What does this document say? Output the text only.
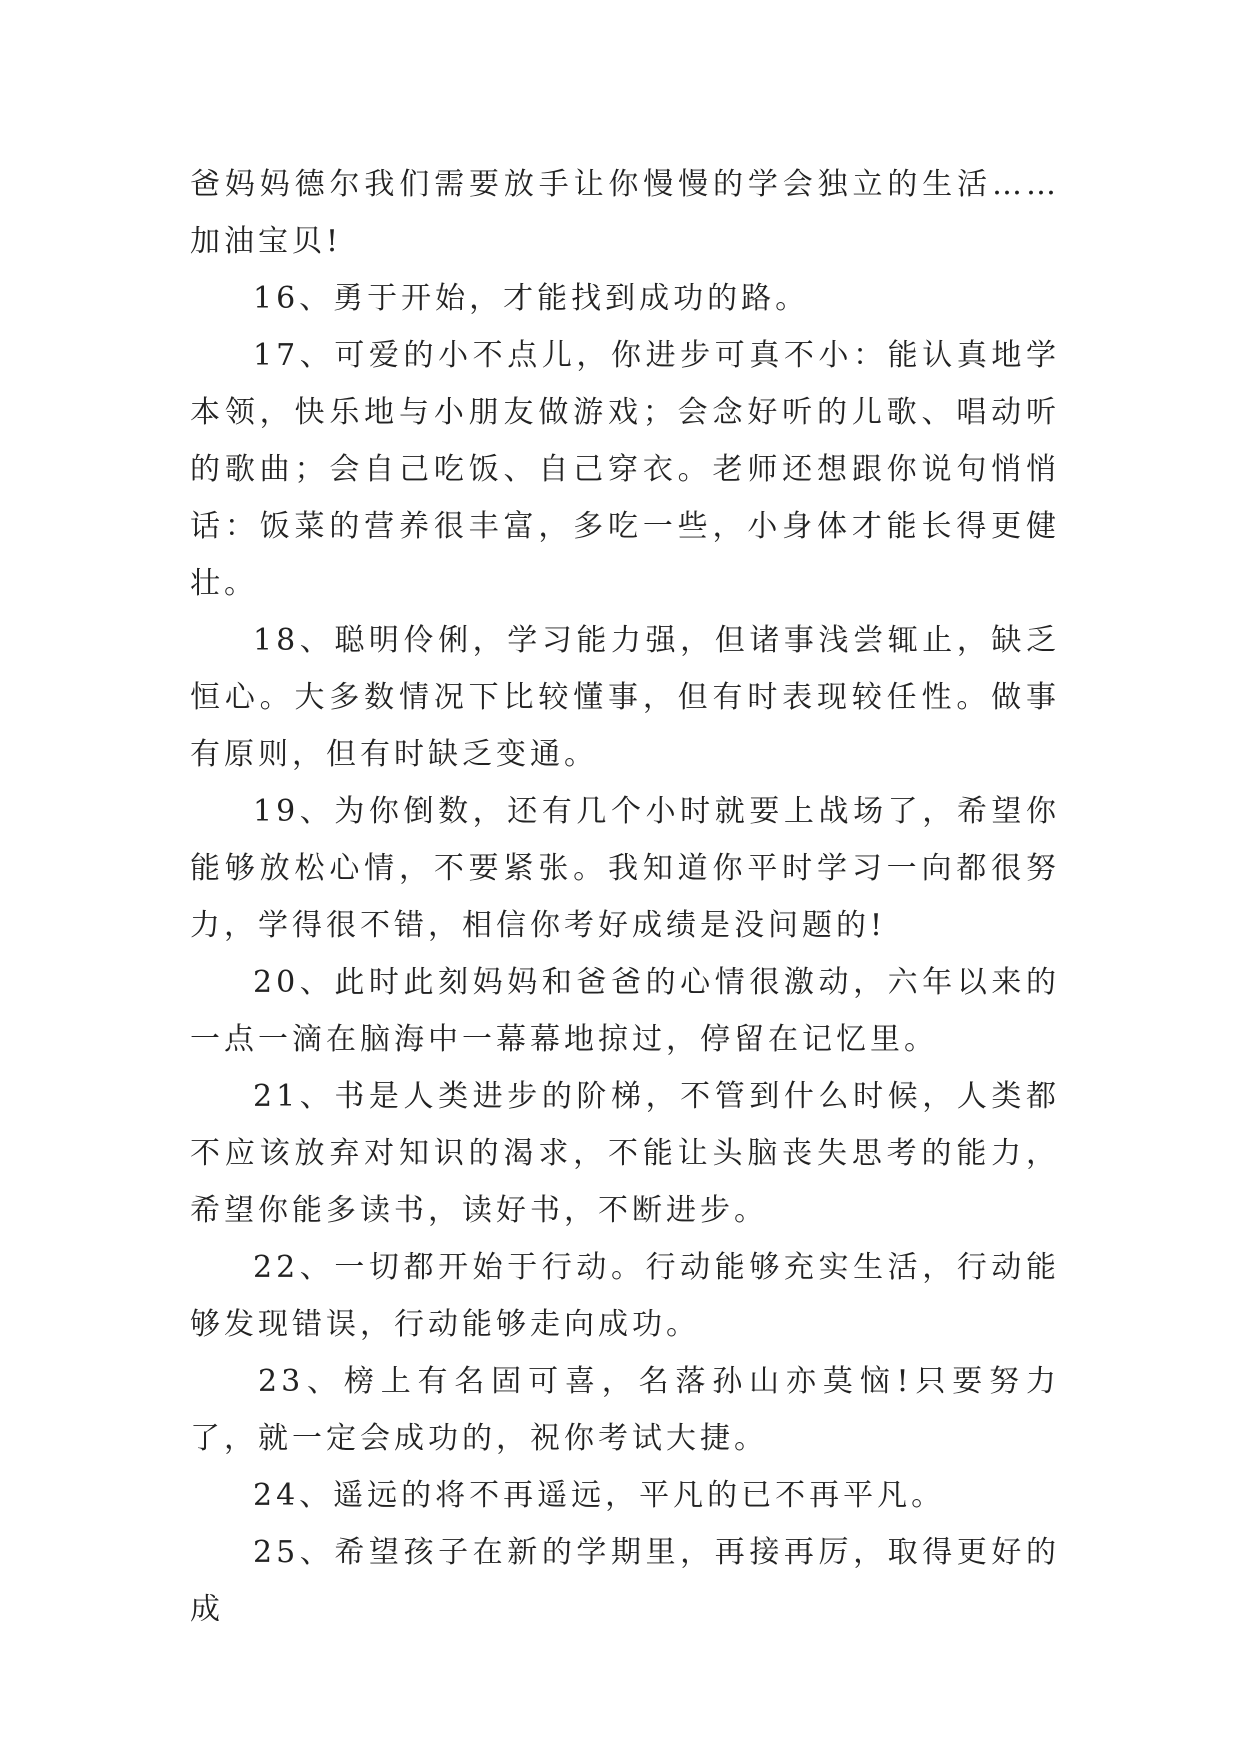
爸妈妈德尔我们需要放手让你慢慢的学会独立的生活……加油宝贝!

16、勇于开始，才能找到成功的路。

17、可爱的小不点儿，你进步可真不小：能认真地学本领，快乐地与小朋友做游戏；会念好听的儿歌、唱动听的歌曲；会自己吃饭、自己穿衣。老师还想跟你说句悄悄话：饭菜的营养很丰富，多吃一些，小身体才能长得更健壮。

18、聪明伶俐，学习能力强，但诸事浅尝辄止，缺乏恒心。大多数情况下比较懂事，但有时表现较任性。做事有原则，但有时缺乏变通。

19、为你倒数，还有几个小时就要上战场了，希望你能够放松心情，不要紧张。我知道你平时学习一向都很努力，学得很不错，相信你考好成绩是没问题的!

20、此时此刻妈妈和爸爸的心情很激动，六年以来的一点一滴在脑海中一幕幕地掠过，停留在记忆里。

21、书是人类进步的阶梯，不管到什么时候，人类都不应该放弃对知识的渴求，不能让头脑丧失思考的能力，希望你能多读书，读好书，不断进步。

22、一切都开始于行动。行动能够充实生活，行动能够发现错误，行动能够走向成功。

23、榜上有名固可喜，名落孙山亦莫恼!只要努力了，就一定会成功的，祝你考试大捷。

24、遥远的将不再遥远，平凡的已不再平凡。

25、希望孩子在新的学期里，再接再厉，取得更好的成
